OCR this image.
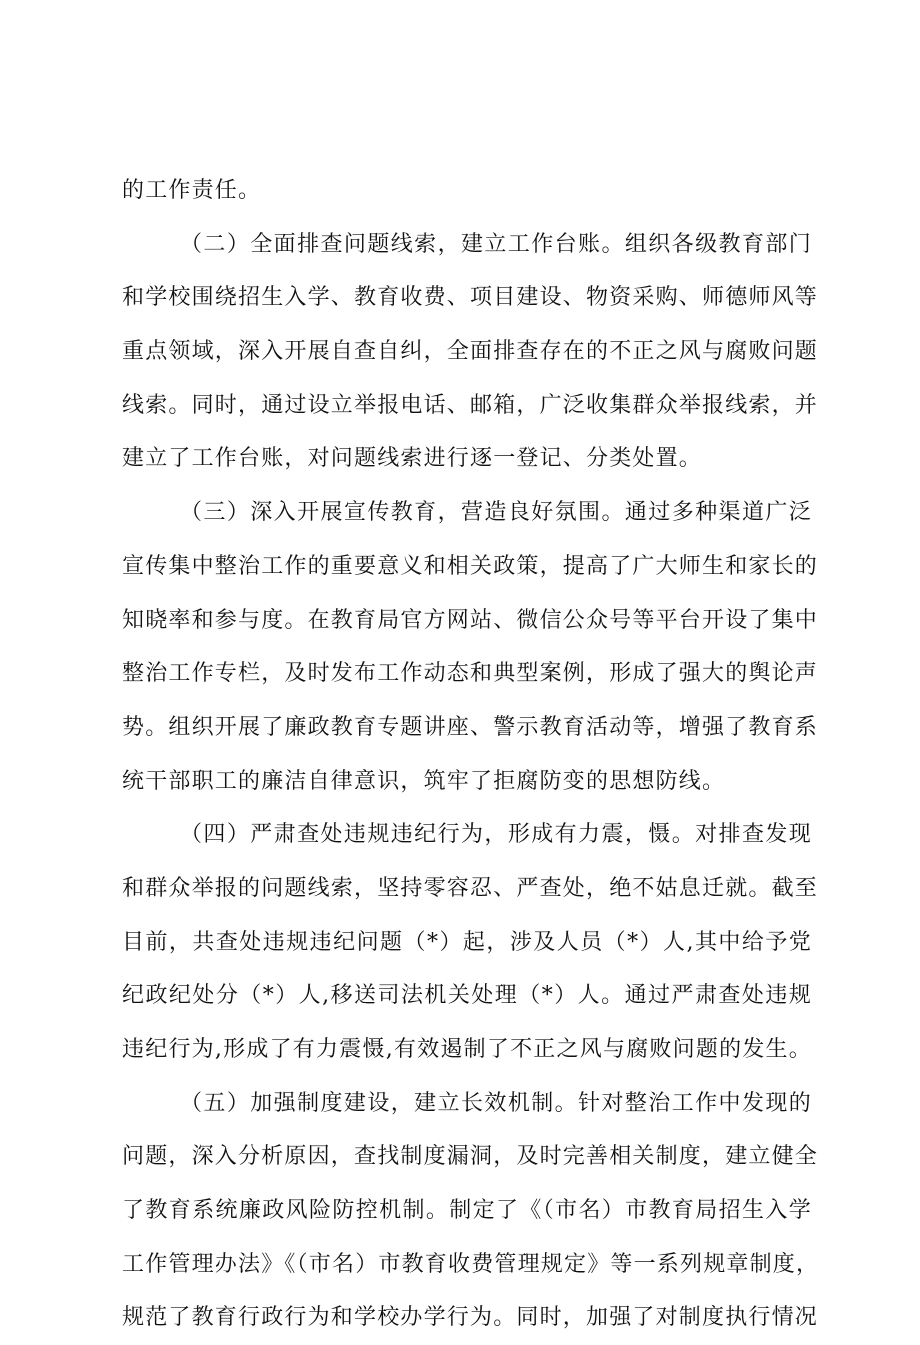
的工作责任。
（二）全面排查问题线索，建立工作台账。组织各级教育部门
和学校围绕招生入学、教育收费、项目建设、物资采购、师德师风等
重点领域，深入开展自查自纠，全面排查存在的不正之风与腐败问题
线索。同时，通过设立举报电话、邮箱，广泛收集群众举报线索，并
建立了工作台账，对问题线索进行逐一登记、分类处置。
（三）深入开展宣传教育，营造良好氛围。通过多种渠道广泛
宣传集中整治工作的重要意义和相关政策，提高了广大师生和家长的
知晓率和参与度。在教育局官方网站、微信公众号等平台开设了集中
整治工作专栏，及时发布工作动态和典型案例，形成了强大的舆论声
势。组织开展了廉政教育专题讲座、警示教育活动等，增强了教育系
统干部职工的廉洁自律意识，筑牢了拒腐防变的思想防线。
（四）严肃查处违规违纪行为，形成有力震，慑。对排查发现
和群众举报的问题线索，坚持零容忍、严查处，绝不姑息迁就。截至
目前，共查处违规违纪问题（*）起，涉及人员（*）人,其中给予党
纪政纪处分（*）人,移送司法机关处理（*）人。通过严肃查处违规
违纪行为,形成了有力震慑,有效遏制了不正之风与腐败问题的发生。
（五）加强制度建设，建立长效机制。针对整治工作中发现的
问题，深入分析原因，查找制度漏洞，及时完善相关制度，建立健全
了教育系统廉政风险防控机制。制定了《（市名）市教育局招生入学
工作管理办法》《（市名）市教育收费管理规定》等一系列规章制度，
规范了教育行政行为和学校办学行为。同时，加强了对制度执行情况
